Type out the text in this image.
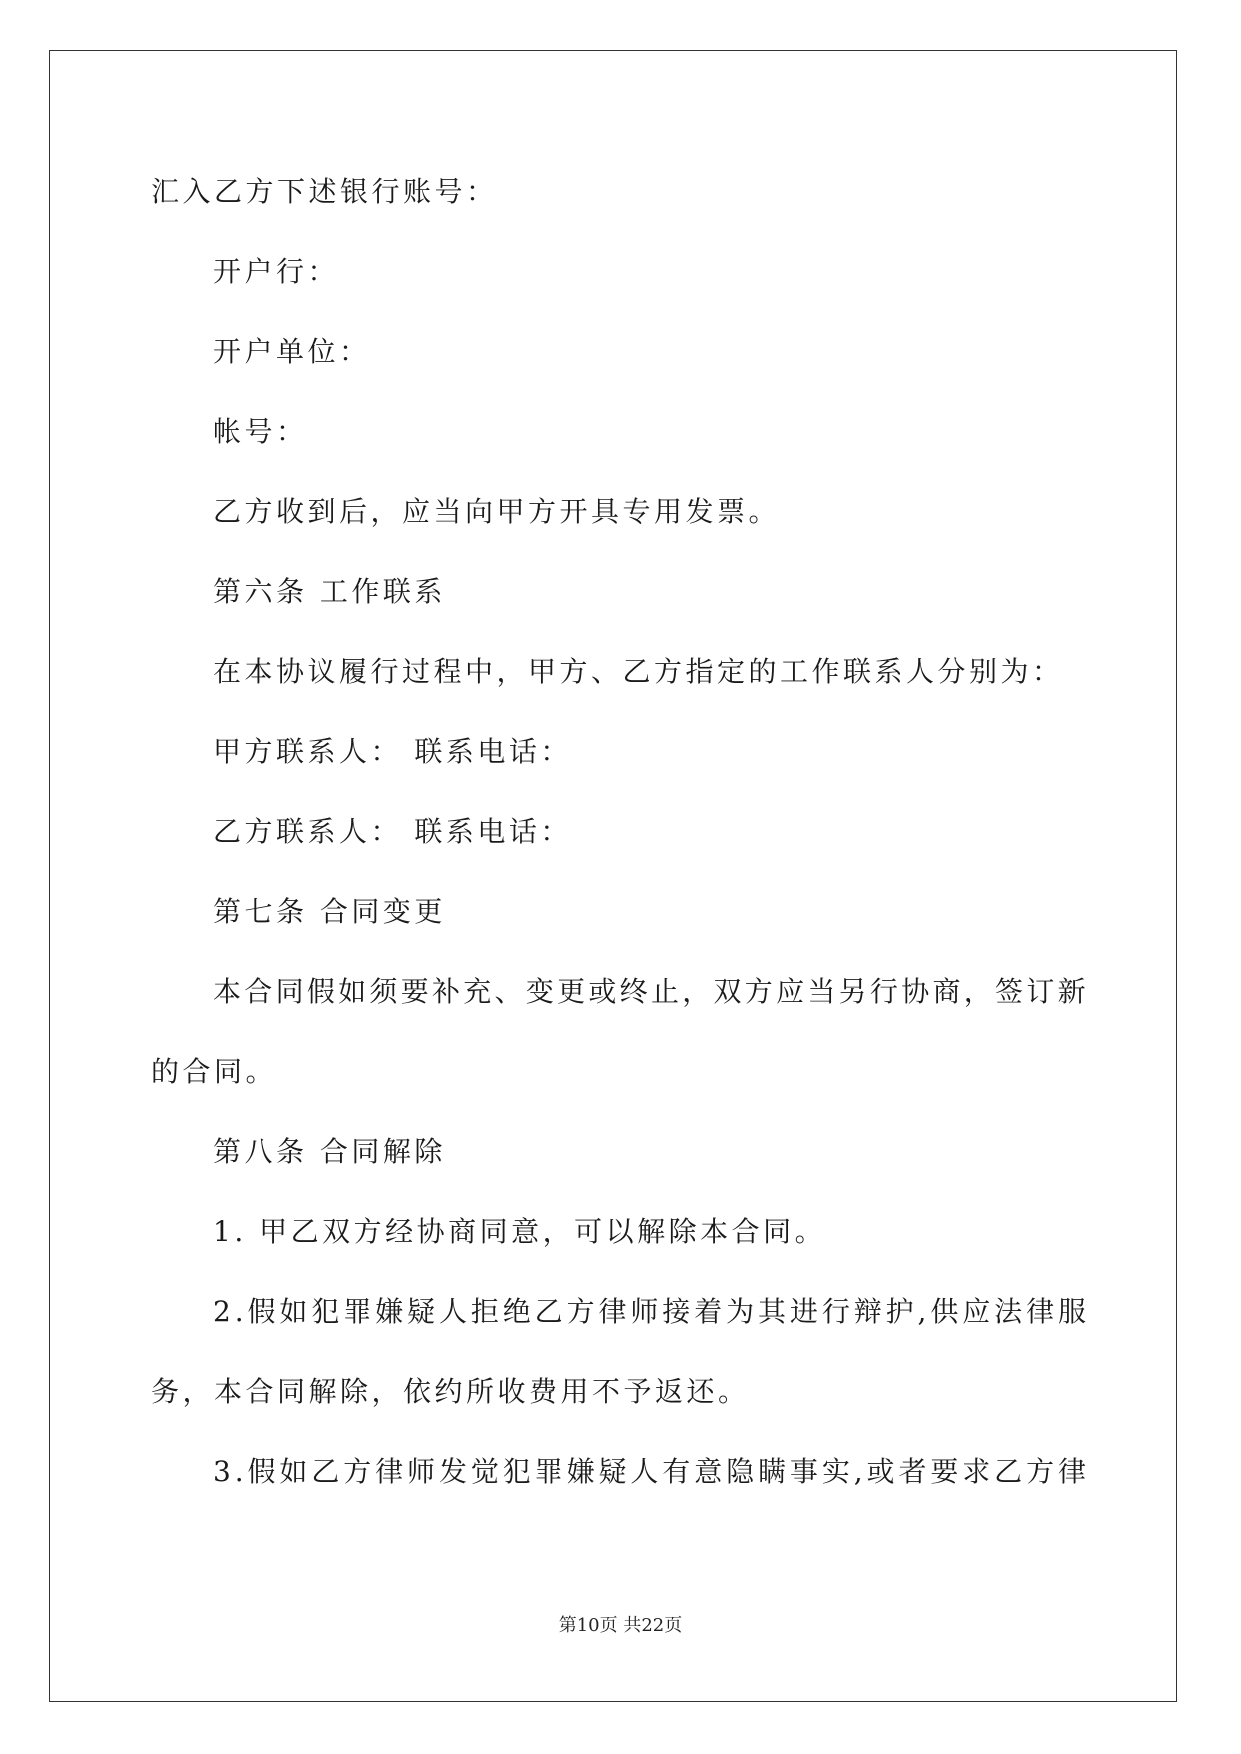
汇入乙方下述银行账号：
开户行：
开户单位：
帐号：
乙方收到后，应当向甲方开具专用发票。
第六条 工作联系
在本协议履行过程中，甲方、乙方指定的工作联系人分别为：
甲方联系人： 联系电话：
乙方联系人： 联系电话：
第七条 合同变更
本 合 同 假 如 须 要 补 充 、 变 更 或 终 止 ， 双 方 应 当 另 行 协 商 ， 签 订 新
的合同。
第八条 合同解除
1. 甲乙双方经协商同意，可以解除本合同。
2 . 假 如 犯 罪 嫌 疑 人 拒 绝 乙 方 律 师 接 着 为 其 进 行 辩 护 , 供 应 法 律 服
务，本合同解除，依约所收费用不予返还。
3 . 假 如 乙 方 律 师 发 觉 犯 罪 嫌 疑 人 有 意 隐 瞒 事 实 , 或 者 要 求 乙 方 律
第10页 共22页
